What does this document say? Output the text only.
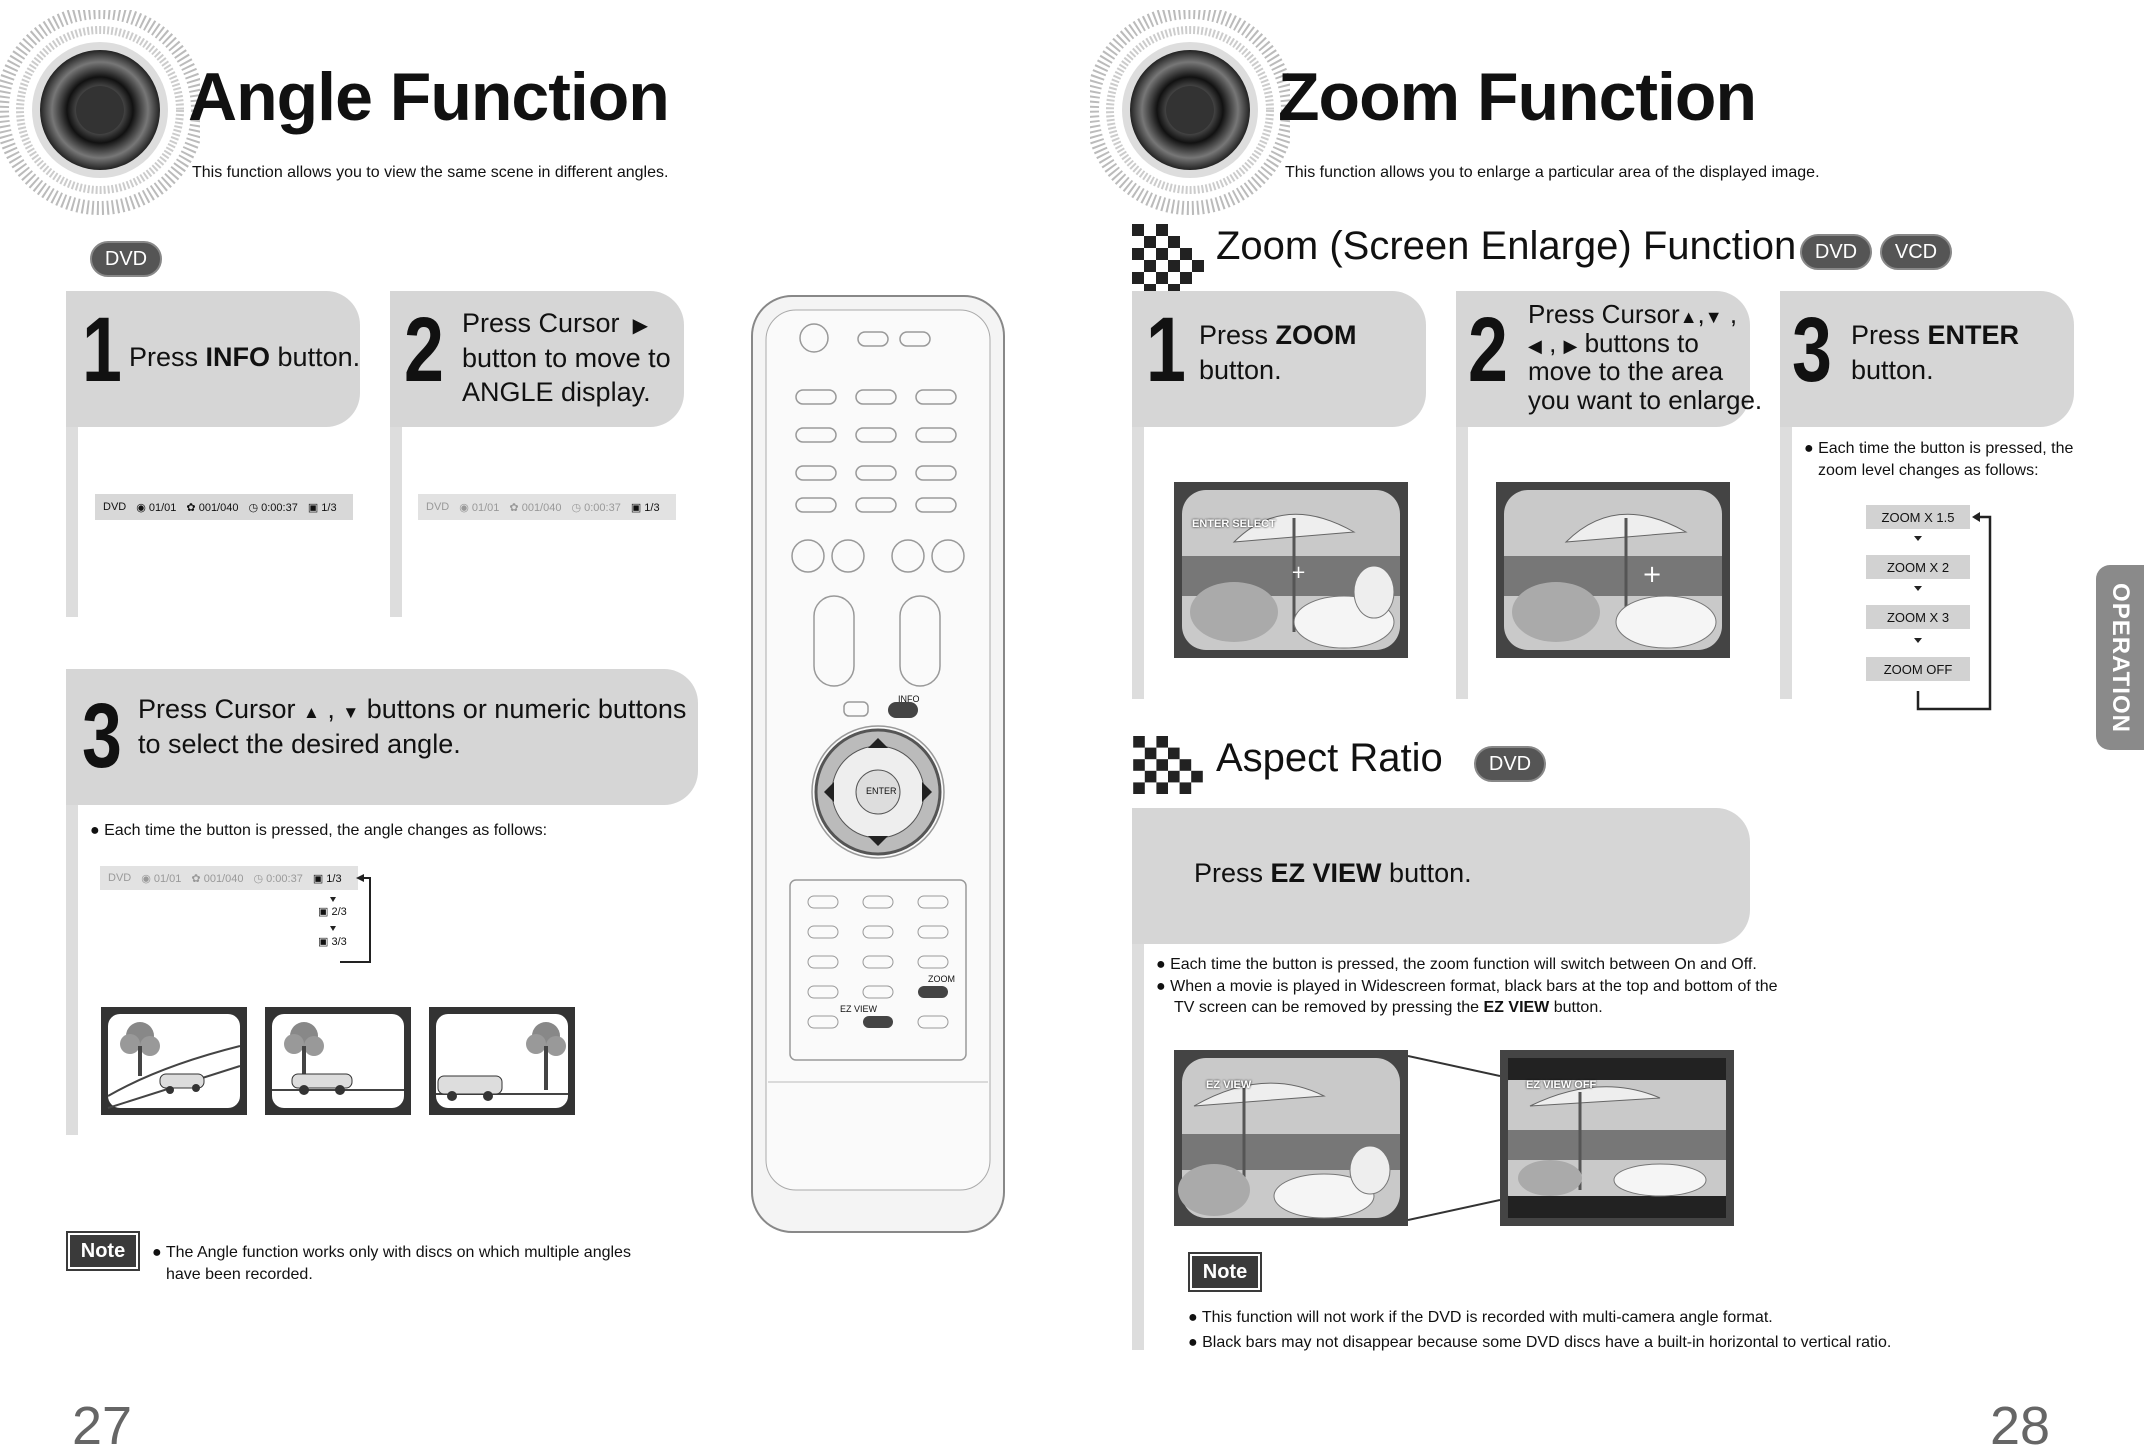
Angle Function
This function allows you to view the same scene in different angles.
DVD
1 Press INFO button.
DVD ◉ 01/01 ✿ 001/040 ◷ 0:00:37 ▣ 1/3
2 Press Cursor  ▶
button to move to
ANGLE display.
DVD ◉ 01/01 ✿ 001/040 ◷ 0:00:37 ▣ 1/3
3 Press Cursor ▲ , ▼ buttons or numeric buttons
to select the desired angle.
● Each time the button is pressed, the angle changes as follows:
DVD ◉ 01/01 ✿ 001/040 ◷ 0:00:37 ▣ 1/3
▣ 2/3
▣ 3/3
Note	● The Angle function works only with discs on which multiple angles
have been recorded.
27
INFO
ENTER
ZOOM
EZ VIEW
Zoom Function
This function allows you to enlarge a particular area of the displayed image.
Zoom (Screen Enlarge) Function DVD	VCD
1 Press ZOOM
button.	2 Press Cursor▲,▼ ,
◀ , ▶ buttons to
move to the area
you want to enlarge. 3 Press ENTER
button.
+
ENTER SELECT
+
● Each time the button is pressed, the
zoom level changes as follows:
ZOOM X 1.5
ZOOM X 2
ZOOM X 3
ZOOM OFF
Aspect Ratio	DVD
Press EZ VIEW button.
● Each time the button is pressed, the zoom function will switch between On and Off.
● When a movie is played in Widescreen format, black bars at the top and bottom of the
TV screen can be removed by pressing the EZ VIEW button.
EZ VIEW	EZ VIEW OFF
Note
● This function will not work if the DVD is recorded with multi-camera angle format.
● Black bars may not disappear because some DVD discs have a built-in horizontal to vertical ratio.
OPERATION
28
